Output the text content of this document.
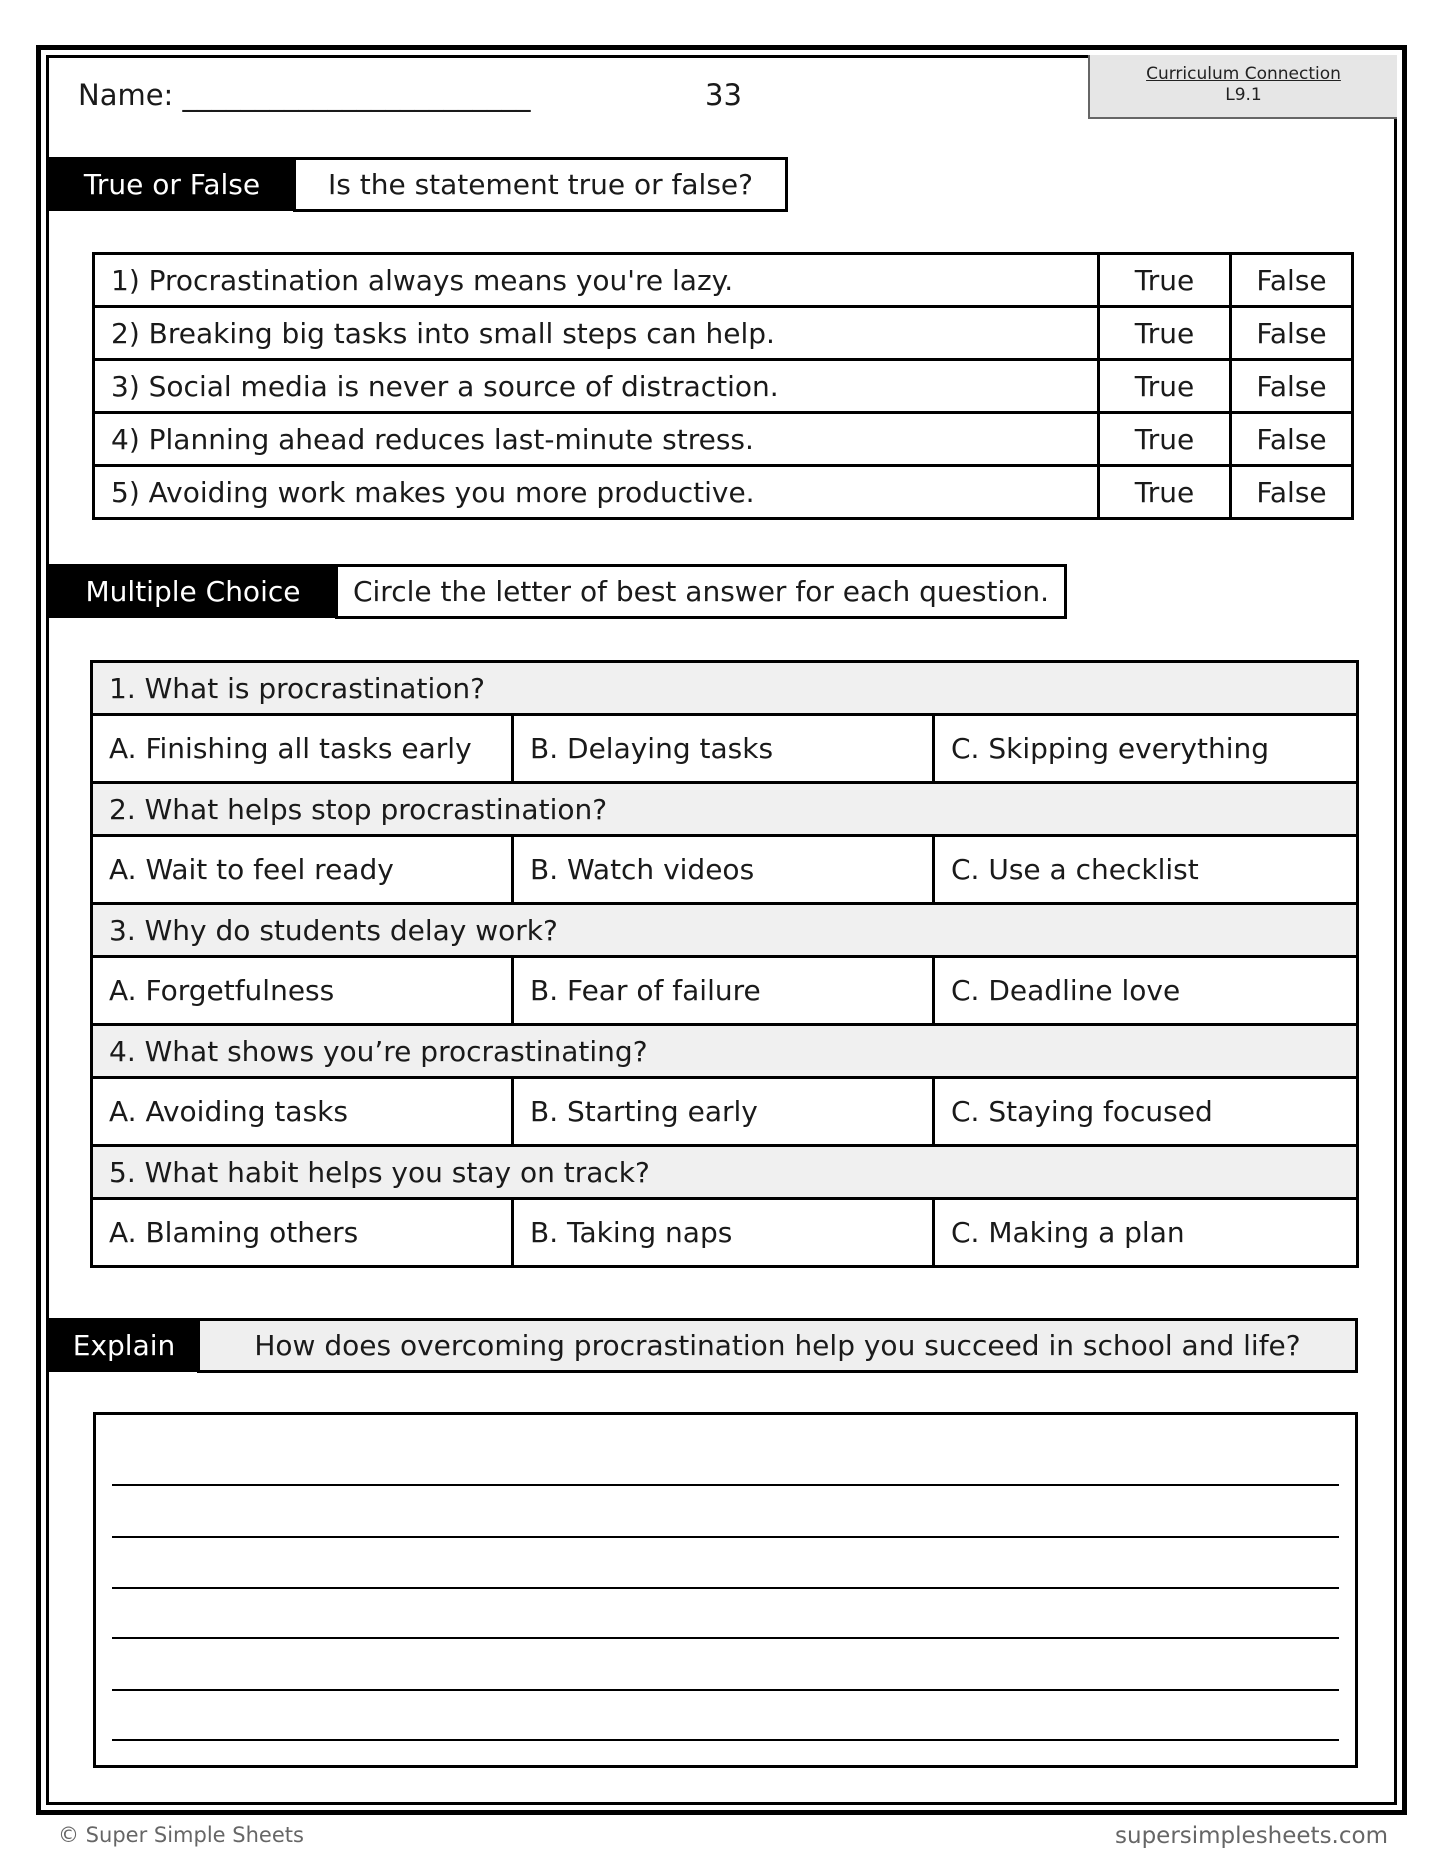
Name: ________________________	33
Curriculum Connection
L9.1
True or False	Is the statement true or false?
1) Procrastination always means you're lazy.	True	False
2) Breaking big tasks into small steps can help.	True	False
3) Social media is never a source of distraction.	True	False
4) Planning ahead reduces last-minute stress.	True	False
5) Avoiding work makes you more productive.	True	False
Multiple Choice	Circle the letter of best answer for each question.
1. What is procrastination?		
A. Finishing all tasks early	B. Delaying tasks	C. Skipping everything
2. What helps stop procrastination?		
A. Wait to feel ready	B. Watch videos	C. Use a checklist
3. Why do students delay work?		
A. Forgetfulness	B. Fear of failure	C. Deadline love
4. What shows you’re procrastinating?		
A. Avoiding tasks	B. Starting early	C. Staying focused
5. What habit helps you stay on track?		
A. Blaming others	B. Taking naps	C. Making a plan
Explain	How does overcoming procrastination help you succeed in school and life?
© Super Simple Sheets	supersimplesheets.com
